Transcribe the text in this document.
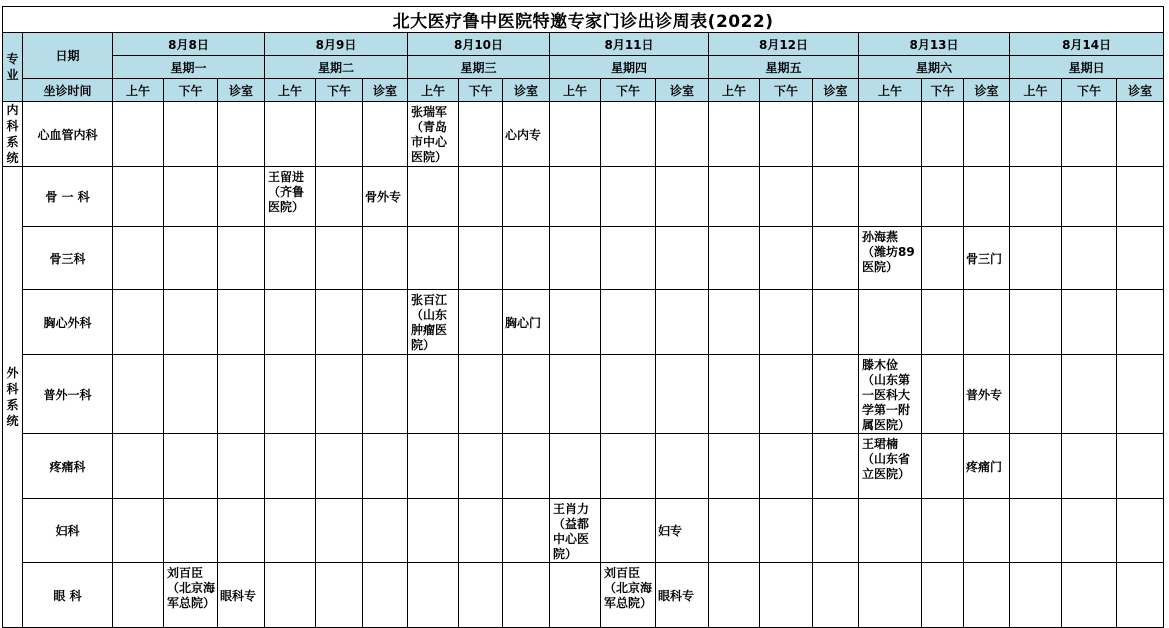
北大医疗鲁中医院特邀专家门诊出诊周表(2022)																						
专业	日期	8月8日			8月9日			8月10日			8月11日			8月12日			8月13日			8月14日		
		星期一			星期二			星期三			星期四			星期五			星期六			星期日		
	坐诊时间	上午	下午	诊室	上午	下午	诊室	上午	下午	诊室	上午	下午	诊室	上午	下午	诊室	上午	下午	诊室	上午	下午	诊室
内科系统	心血管内科							张瑞军（青岛市中心医院）		心内专												
外科系统	骨 一 科				王留进（齐鲁医院）		骨外专															
	骨三科																孙海燕（潍坊89医院）		骨三门			
	胸心外科							张百江（山东肿瘤医院）		胸心门												
	普外一科																滕木俭（山东第一医科大学第一附属医院）		普外专			
	疼痛科																王珺楠（山东省立医院）		疼痛门			
	妇科										王肖力（益都中心医院）		妇专									
	眼 科		刘百臣（北京海军总院）	眼科专								刘百臣（北京海军总院）	眼科专									
